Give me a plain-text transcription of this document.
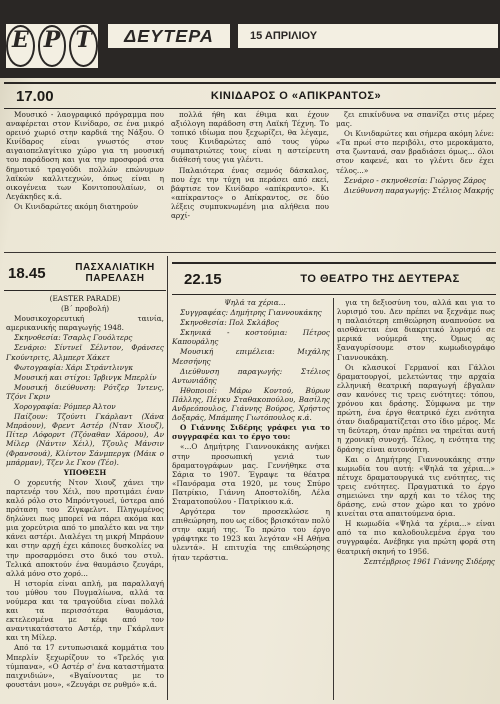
E P T	ΔΕΥΤΕΡΑ	15 ΑΠΡΙΛΙΟΥ
17.00	ΚΙΝΙΔΑΡΟΣ Ο «ΑΠΙΚΡΑΝΤΟΣ»

Μουσικό - λαογραφικό πρόγραμμα που αναφέρεται στον Κινίδαρο, σε ένα μικρό ορεινό χωριό στην καρδιά της Νάξου. Ο Κινίδαρος είναι γνωστός στον αιγαιοπελαγίτικο χώρο για τη μουσική του παράδοση και για την προσφορά στα δημοτικό τραγούδι πολλών επώνυμων λαϊκών καλλιτεχνών, όπως είναι η οικογένεια των Κονιτοπουλαίων, οι Λεγάκηδες κ.ά.

Οι Κινιδαρώτες ακόμη διατηρούν

πολλά ήθη και έθιμα και έχουν αξιόλογη παράδοση στη Λαϊκή Τέχνη. Το τοπικό ιδίωμα που ξεχωρίζει, θα λέγαμε, τους Κινιδαρώτες από τους γύρω συμπατριώτες τους είναι η αστείρευτη διάθεσή τους για γλέντι.

Παλαιότερα ένας σεμνός δάσκαλος, που έχε την τύχη να περάσει από εκεί, βάφτισε τον Κινίδαρο «απίκραντο». Κι «απίκραντος» ο Απίκραντος, σε δύο λέξεις συμπυκνωμένη μια αλήθεια που αρχί-

ζει επικίνδυνα να σπανίζει στις μέρες μας.

Οι Κινιδαρώτες και σήμερα ακόμη λένε: «Τα πρωί στο περιβόλι, στο μεροκάματο, στα ζωντανά, σαν βραδιάσει όμως... όλοι στον καφενέ, και το γλέντι δεν έχει τέλος...»

Σενάριο - σκηνοθεσία: Γιώργος Ζάρος

Διεύθυνση παραγωγής: Στέλιος Μακρής

18.45	ΠΑΣΧΑΛΙΑΤΙΚΗ ΠΑΡΕΛΑΣΗ

(EASTER PARADE)

(Β΄ προβολή)

Μουσικοχορευτική ταινία, αμερικανικής παραγωγής 1948.

Σκηνοθεσία: Τσαρλς Γουόλτερς

Σενάριο: Σίντνεϊ Σέλντον, Φράνσες Γκούντριτς, Άλμπερτ Χάκετ

Φωτογραφία: Χάρι Στράντλινγκ

Μουσική και στίχοι: Ίρβινγκ Μπερλίν

Μουσική διεύθυνση: Ρότζερ Ίντενς, Τζόνι Γκριν

Χορογραφία: Ρόμπερ Άλτον

Παίζουν: Τζούντι Γκάρλαντ (Χάνα Μπράουν), Φρεντ Αστέρ (Νταν Χιουζ), Πίτερ Λόφορντ (Τζόναθαν Χάροου), Αν Μίλερ (Νάντιν Χέιλ), Τζουλς Μάνσιν (Φρανσουά), Κλίντον Σάνμπεργκ (Μάικ ο μπάρμαν), Τζεν λε Γκον (Τέο).

ΥΠΟΘΕΣΗ

Ο χορευτής Ντον Χιουζ χάνει την παρτενέρ του Χέιλ, που προτιμάει έναν καλό ρόλο στο Μπρόντγουεϊ, ύστερα από πρόταση του Ζίγκφελντ. Πληγωμένος δηλώνει πως μπορεί να πάρει ακόμα και μια χορεύτρια από το μπαλέτο και να την κάνει αστέρι. Διαλέγει τη μικρή Μπράουν και στην αρχή έχει κάποιες δυσκολίες να την προσαρμόσει στο δικό του στυλ. Τελικά αποκτούν ένα θαυμάσιο ζευγάρι, αλλά μόνο στο χορό...

Η ιστορία είναι απλή, μα παραλλαγή του μύθου του Πυγμαλίωνα, αλλά τα νούμερα και τα τραγούδια είναι πολλά και τα περισσότερα θαυμάσια, εκτελεσμένα με κέφι από τον αναντικατάστατο Αστέρ, την Γκάρλαντ και τη Μίλερ.

Από τα 17 εντυπωσιακά κομμάτια του Μπερλίν ξεχωρίζουν το «Τρελός για τύμπανα», «Ο Αστέρ σ' ένα καταστήματα παιχνιδιών», «Βγαίνοντας με το φουστάνι μου», «Ζευγάρι σε ρυθμό» κ.ά.

22.15	ΤΟ ΘΕΑΤΡΟ ΤΗΣ ΔΕΥΤΕΡΑΣ

Ψηλά τα χέρια...

Συγγραφέας: Δημήτρης Γιαννουκάκης

Σκηνοθεσία: Πολ Σκλάβος

Σκηνικά - κοστούμια: Πέτρος Καπουράλης

Μουσική επιμέλεια: Μιχάλης Μεσσήνης

Διεύθυνση παραγωγής: Στέλιος Αντωνιάδης

Ηθοποιοί: Μάρω Κοντού, Βύρων Πάλλης, Πέγκυ Σταθακοπούλου, Βασίλης Ανδρεόπουλος, Γιάννης Βούρος, Χρήστος Δοξαράς, Μπάμπης Γιωτόπουλος κ.ά.

Ο Γιάννης Σιδέρης γράφει για το συγγραφέα και το έργο του:

«...Ο Δημήτρης Γιαννουκάκης ανήκει στην προσωπική γενιά των δραματογράφων μας. Γεννήθηκε στα Σάρια το 1907. Έγραψε τα θέατρα «Πανόραμα στα 1920, με τους Σπύρο Πατρίκιο, Γιάννη Αποστολίδη, Λέλα Σταματοπούλου - Πατρίκιου κ.ά.

Αργότερα τον προσεκλώσε η επιθεώρηση, που ως είδος βρισκόταν πολύ στην ακμή της. Το πρώτο του έργο γράφτηκε το 1923 και λεγόταν «Η Αθήνα υλεντά». Η επιτυχία της επιθεώρησης ήταν τεράστια.

για τη δεξιοσύνη του, αλλά και για το λυρισμό του. Δεν πρέπει να ξεχνάμε πως η παλαιότερη επιθεώρηση αναπνούσε να αισθάνεται ένα διακριτικό λυρισμό σε μερικά νούμερά της. Όμως ας ξαναγυρίσουμε στον κωμωδιογράφο Γιαννουκάκη.

Οι κλασικοί Γερμανοί και Γάλλοι δραματουργοί, μελετώντας την αρχαία ελληνική θεατρική παραγωγή έβγαλαν σαν κανόνες τις τρεις ενότητες: τόπου, χρόνου και δράσης. Σύμφωνα με την πρώτη, ένα έργο θεατρικό έχει ενότητα όταν διαδραματίζεται στο ίδιο μέρος. Με τη δεύτερη, όταν πρέπει να τηρείται αυτή η χρονική συνοχή. Τέλος, η ενότητα της δράσης είναι αυτονόητη.

Και ο Δημήτρης Γιαννουκάκης στην κωμωδία του αυτή: «Ψηλά τα χέρια...» πέτυχε δραματουργικά τις ενότητες, τις τρεις ενότητες. Πραγματικά το έργο σημειώνει την αρχή και το τέλος της δράσης, ενώ στον χώρο και το χρόνο κινείται στα απαιτούμενα όρια.

Η κωμωδία «Ψηλά τα χέρια...» είναι από τα πιο καλοδουλεμένα έργα του συγγραφέα. Ανέβηκε για πρώτη φορά στη θεατρική σκηνή το 1956.

Σεπτέμβριος 1961 Γιάννης Σιδέρης
